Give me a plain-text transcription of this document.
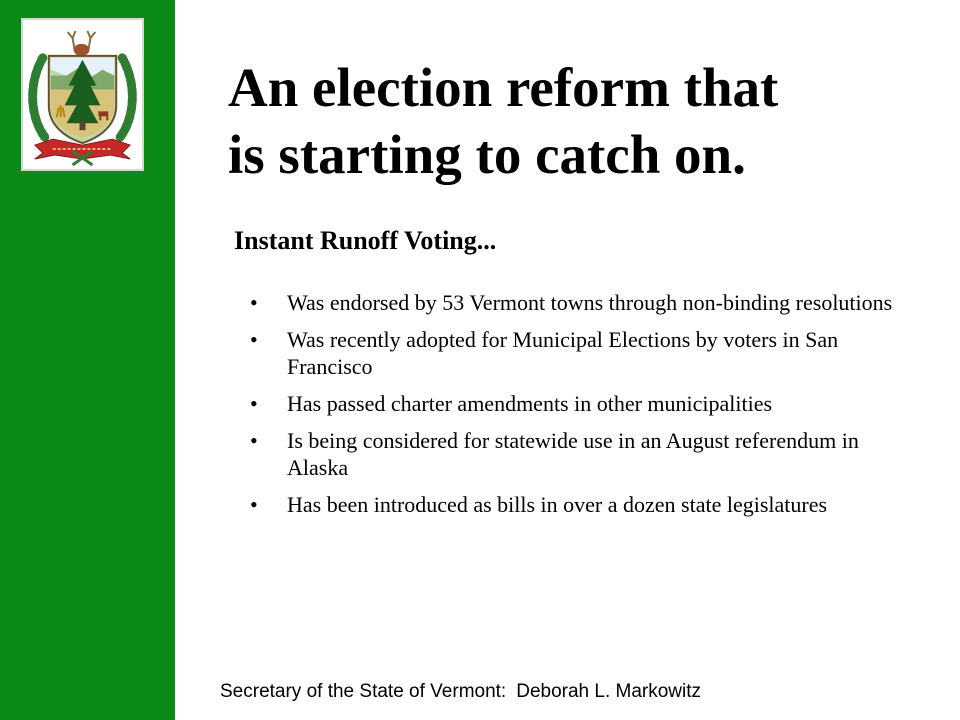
An election reform that
is starting to catch on.
Instant Runoff Voting...
• Was endorsed by 53 Vermont towns through non-binding resolutions
• Was recently adopted for Municipal Elections by voters in San Francisco
• Has passed charter amendments in other municipalities
• Is being considered for statewide use in an August referendum in Alaska
• Has been introduced as bills in over a dozen state legislatures
Secretary of the State of Vermont: Deborah L. Markowitz
